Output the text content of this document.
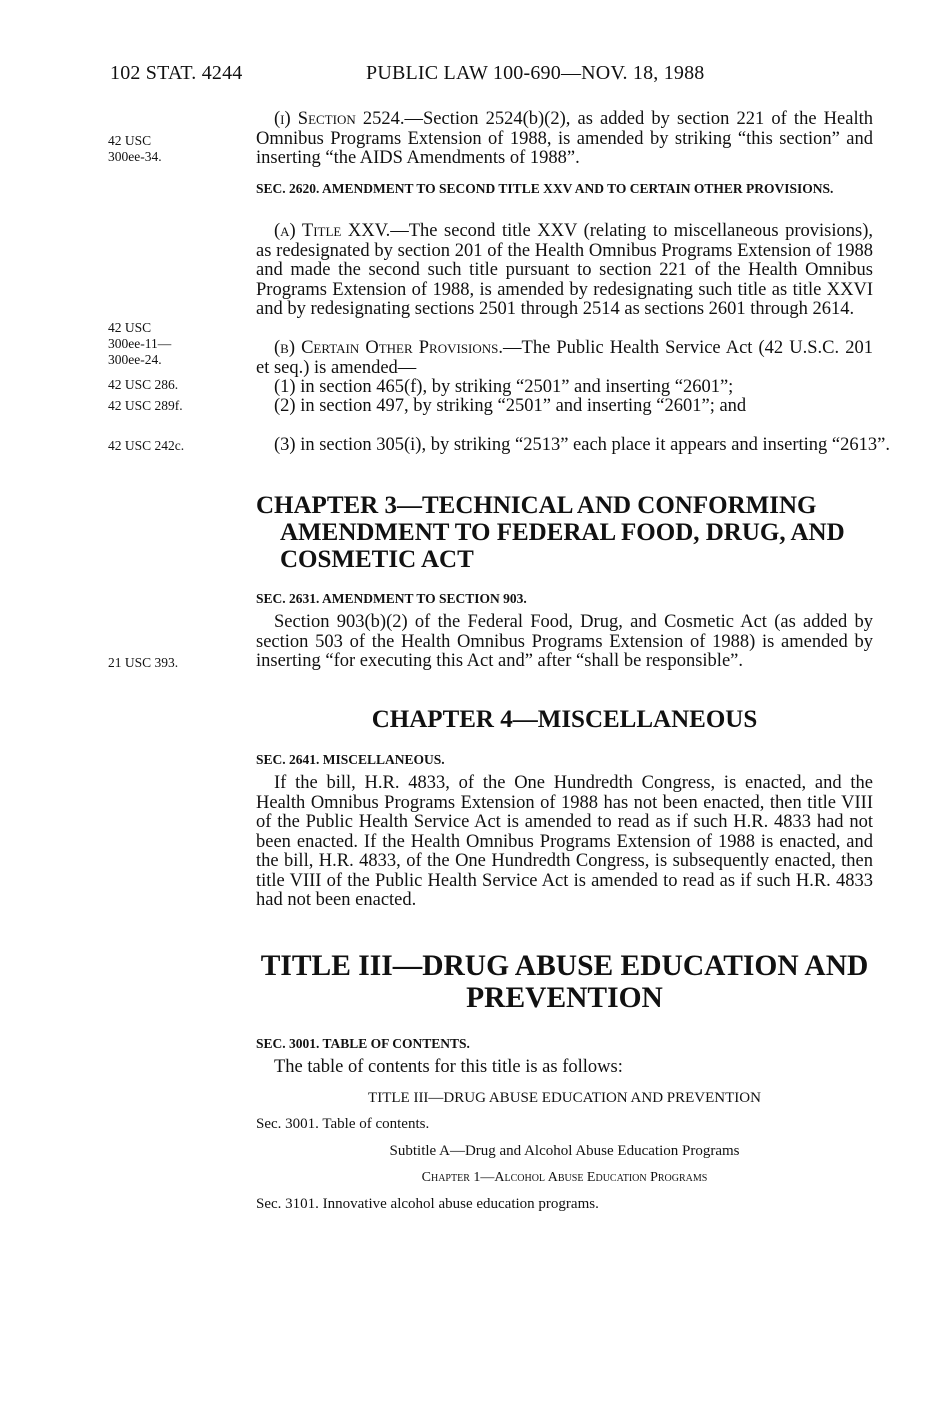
102 STAT. 4244	PUBLIC LAW 100-690—NOV. 18, 1988
42 USC 300ee-34.
42 USC 300ee-11— 300ee-24.
42 USC 286.
42 USC 289f.
42 USC 242c.
21 USC 393.
(i) Section 2524.—Section 2524(b)(2), as added by section 221 of the Health Omnibus Programs Extension of 1988, is amended by striking “this section” and inserting “the AIDS Amendments of 1988”.
SEC. 2620. AMENDMENT TO SECOND TITLE XXV AND TO CERTAIN OTHER PROVISIONS.
(a) Title XXV.—The second title XXV (relating to miscellaneous provisions), as redesignated by section 201 of the Health Omnibus Programs Extension of 1988 and made the second such title pursuant to section 221 of the Health Omnibus Programs Extension of 1988, is amended by redesignating such title as title XXVI and by redesignating sections 2501 through 2514 as sections 2601 through 2614.
(b) Certain Other Provisions.—The Public Health Service Act (42 U.S.C. 201 et seq.) is amended—
(1) in section 465(f), by striking “2501” and inserting “2601”;
(2) in section 497, by striking “2501” and inserting “2601”; and
(3) in section 305(i), by striking “2513” each place it appears and inserting “2613”.
CHAPTER 3—TECHNICAL AND CONFORMING AMENDMENT TO FEDERAL FOOD, DRUG, AND COSMETIC ACT
SEC. 2631. AMENDMENT TO SECTION 903.
Section 903(b)(2) of the Federal Food, Drug, and Cosmetic Act (as added by section 503 of the Health Omnibus Programs Extension of 1988) is amended by inserting “for executing this Act and” after “shall be responsible”.
CHAPTER 4—MISCELLANEOUS
SEC. 2641. MISCELLANEOUS.
If the bill, H.R. 4833, of the One Hundredth Congress, is enacted, and the Health Omnibus Programs Extension of 1988 has not been enacted, then title VIII of the Public Health Service Act is amended to read as if such H.R. 4833 had not been enacted. If the Health Omnibus Programs Extension of 1988 is enacted, and the bill, H.R. 4833, of the One Hundredth Congress, is subsequently enacted, then title VIII of the Public Health Service Act is amended to read as if such H.R. 4833 had not been enacted.
TITLE III—DRUG ABUSE EDUCATION AND PREVENTION
SEC. 3001. TABLE OF CONTENTS.
The table of contents for this title is as follows:
TITLE III—DRUG ABUSE EDUCATION AND PREVENTION
Sec. 3001. Table of contents.
Subtitle A—Drug and Alcohol Abuse Education Programs
Chapter 1—Alcohol Abuse Education Programs
Sec. 3101. Innovative alcohol abuse education programs.
